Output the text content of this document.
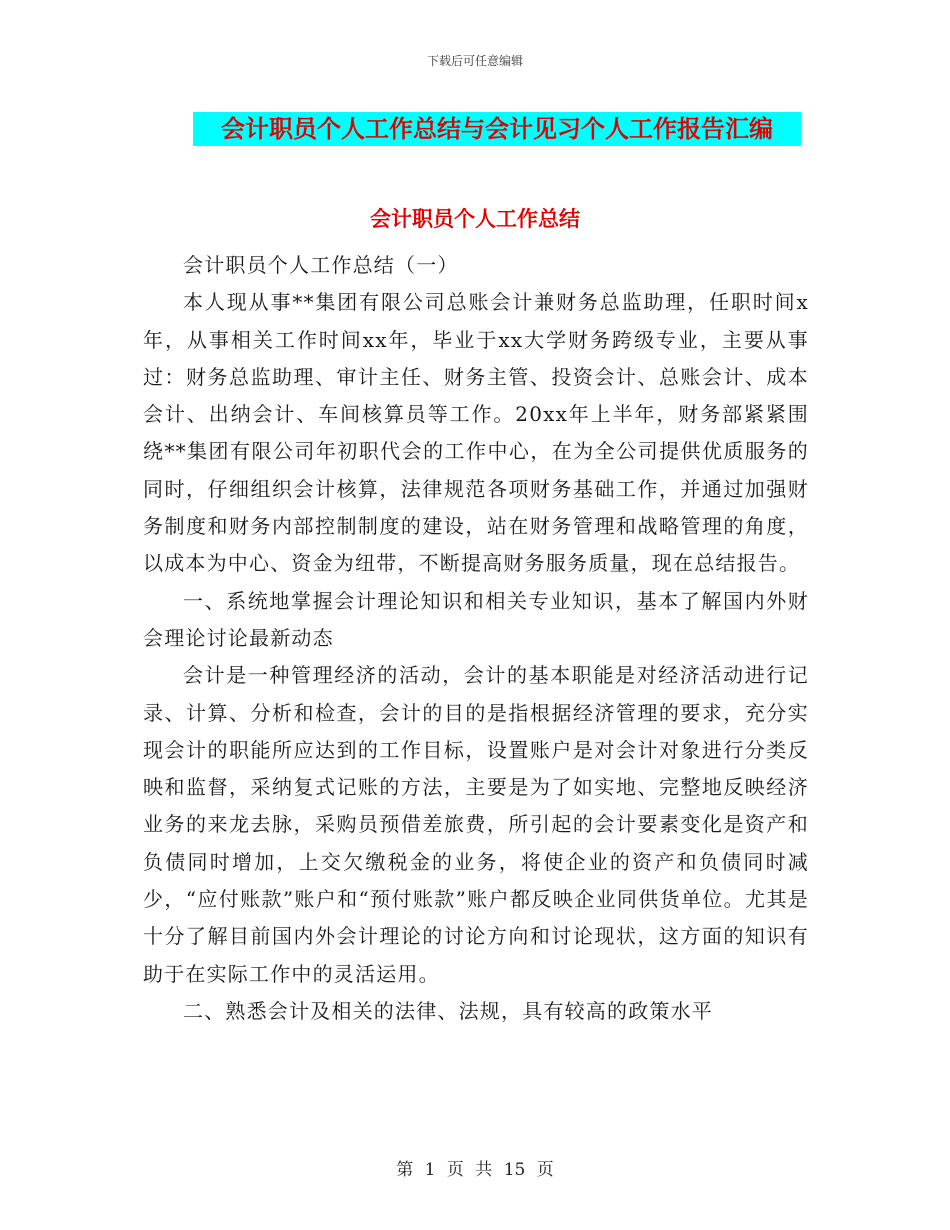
下载后可任意编辑
会计职员个人工作总结与会计见习个人工作报告汇编
会计职员个人工作总结

会计职员个人工作总结（一）

本人现从事**集团有限公司总账会计兼财务总监助理，任职时间x年，从事相关工作时间xx年，毕业于xx大学财务跨级专业，主要从事过：财务总监助理、审计主任、财务主管、投资会计、总账会计、成本会计、出纳会计、车间核算员等工作。20xx年上半年，财务部紧紧围绕**集团有限公司年初职代会的工作中心，在为全公司提供优质服务的同时，仔细组织会计核算，法律规范各项财务基础工作，并通过加强财务制度和财务内部控制制度的建设，站在财务管理和战略管理的角度，以成本为中心、资金为纽带，不断提高财务服务质量，现在总结报告。

一、系统地掌握会计理论知识和相关专业知识，基本了解国内外财会理论讨论最新动态

会计是一种管理经济的活动，会计的基本职能是对经济活动进行记录、计算、分析和检查，会计的目的是指根据经济管理的要求，充分实现会计的职能所应达到的工作目标，设置账户是对会计对象进行分类反映和监督，采纳复式记账的方法，主要是为了如实地、完整地反映经济业务的来龙去脉，采购员预借差旅费，所引起的会计要素变化是资产和负债同时增加，上交欠缴税金的业务，将使企业的资产和负债同时减少，“应付账款”账户和“预付账款”账户都反映企业同供货单位。尤其是十分了解目前国内外会计理论的讨论方向和讨论现状，这方面的知识有助于在实际工作中的灵活运用。

二、熟悉会计及相关的法律、法规，具有较高的政策水平

第 1 页 共 15 页
